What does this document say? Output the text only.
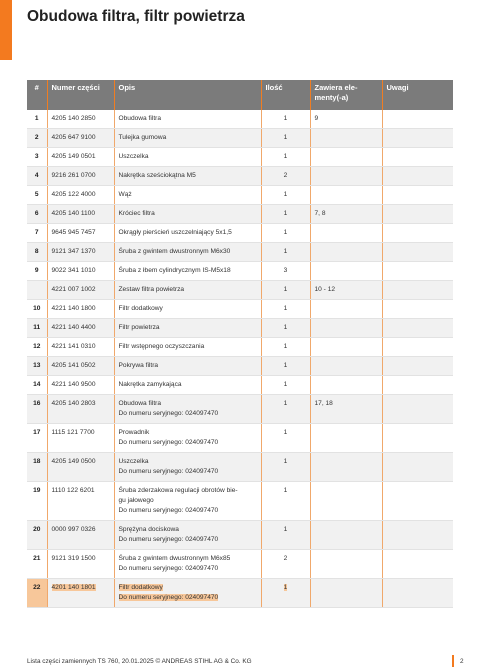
Obudowa filtra, filtr powietrza
#	Numer części	Opis	Ilość	Zawiera ele-menty(-a)	Uwagi
1	4205 140 2850	Obudowa filtra	1	9	
2	4205 647 9100	Tulejka gumowa	1		
3	4205 149 0501	Uszczelka	1		
4	9216 261 0700	Nakrętka sześciokątna M5	2		
5	4205 122 4000	Wąż	1		
6	4205 140 1100	Króciec filtra	1	7, 8	
7	9645 945 7457	Okrągły pierścień uszczelniający 5x1,5	1		
8	9121 347 1370	Śruba z gwintem dwustronnym M6x30	1		
9	9022 341 1010	Śruba z łbem cylindrycznym IS-M5x18	3		
	4221 007 1002	Zestaw filtra powietrza	1	10 - 12	
10	4221 140 1800	Filtr dodatkowy	1		
11	4221 140 4400	Filtr powietrza	1		
12	4221 141 0310	Filtr wstępnego oczyszczania	1		
13	4205 141 0502	Pokrywa filtra	1		
14	4221 140 9500	Nakrętka zamykająca	1		
16	4205 140 2803	Obudowa filtra
Do numeru seryjnego: 024097470	1	17, 18	
17	1115 121 7700	Prowadnik
Do numeru seryjnego: 024097470	1		
18	4205 149 0500	Uszczelka
Do numeru seryjnego: 024097470	1		
19	1110 122 6201	Śruba zderzakowa regulacji obrotów bie-
gu jałowego
Do numeru seryjnego: 024097470	1		
20	0000 997 0326	Sprężyna dociskowa
Do numeru seryjnego: 024097470	1		
21	9121 319 1500	Śruba z gwintem dwustronnym M6x85
Do numeru seryjnego: 024097470	2		
22	4201 140 1801	Filtr dodatkowy
Do numeru seryjnego: 024097470	1		
Lista części zamiennych TS 760, 20.01.2025 © ANDREAS STIHL AG & Co. KG	2
